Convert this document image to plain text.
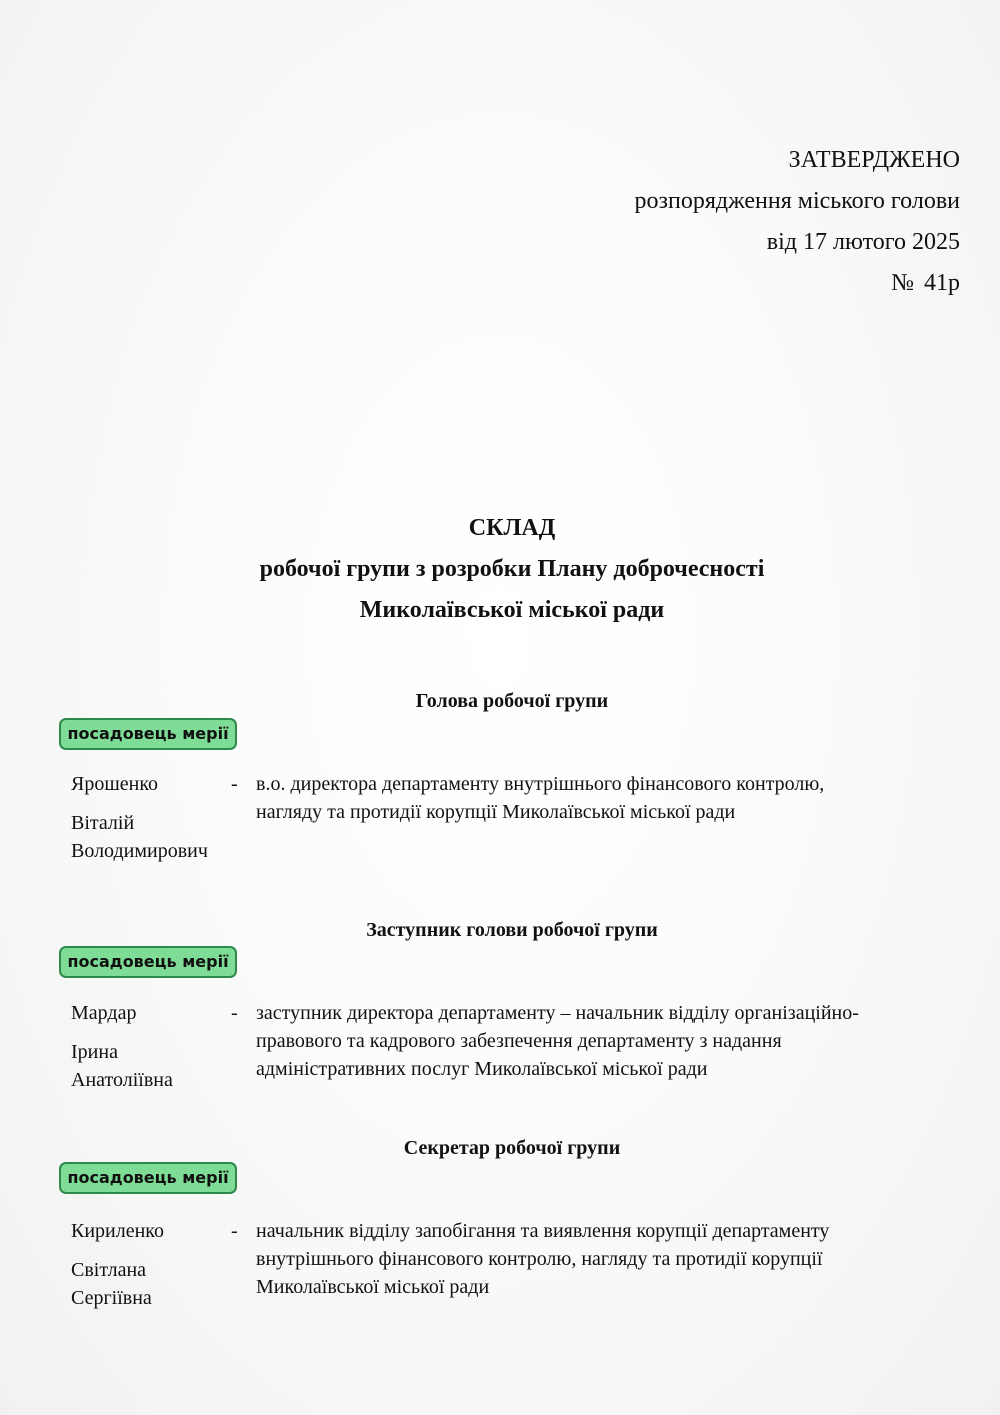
ЗАТВЕРДЖЕНО
розпорядження міського голови
від 17 лютого 2025
№ 41р
СКЛАД
робочої групи з розробки Плану доброчесності
Миколаївської міської ради
Голова робочої групи
посадовець мерії
Ярошенко
Віталій
Володимирович
- в.о. директора департаменту внутрішнього фінансового контролю,
нагляду та протидії корупції Миколаївської міської ради
Заступник голови робочої групи
посадовець мерії
Мардар
Ірина
Анатоліївна
- заступник директора департаменту – начальник відділу організаційно-
правового та кадрового забезпечення департаменту з надання
адміністративних послуг Миколаївської міської ради
Секретар робочої групи
посадовець мерії
Кириленко
Світлана
Сергіївна
- начальник відділу запобігання та виявлення корупції департаменту
внутрішнього фінансового контролю, нагляду та протидії корупції
Миколаївської міської ради
